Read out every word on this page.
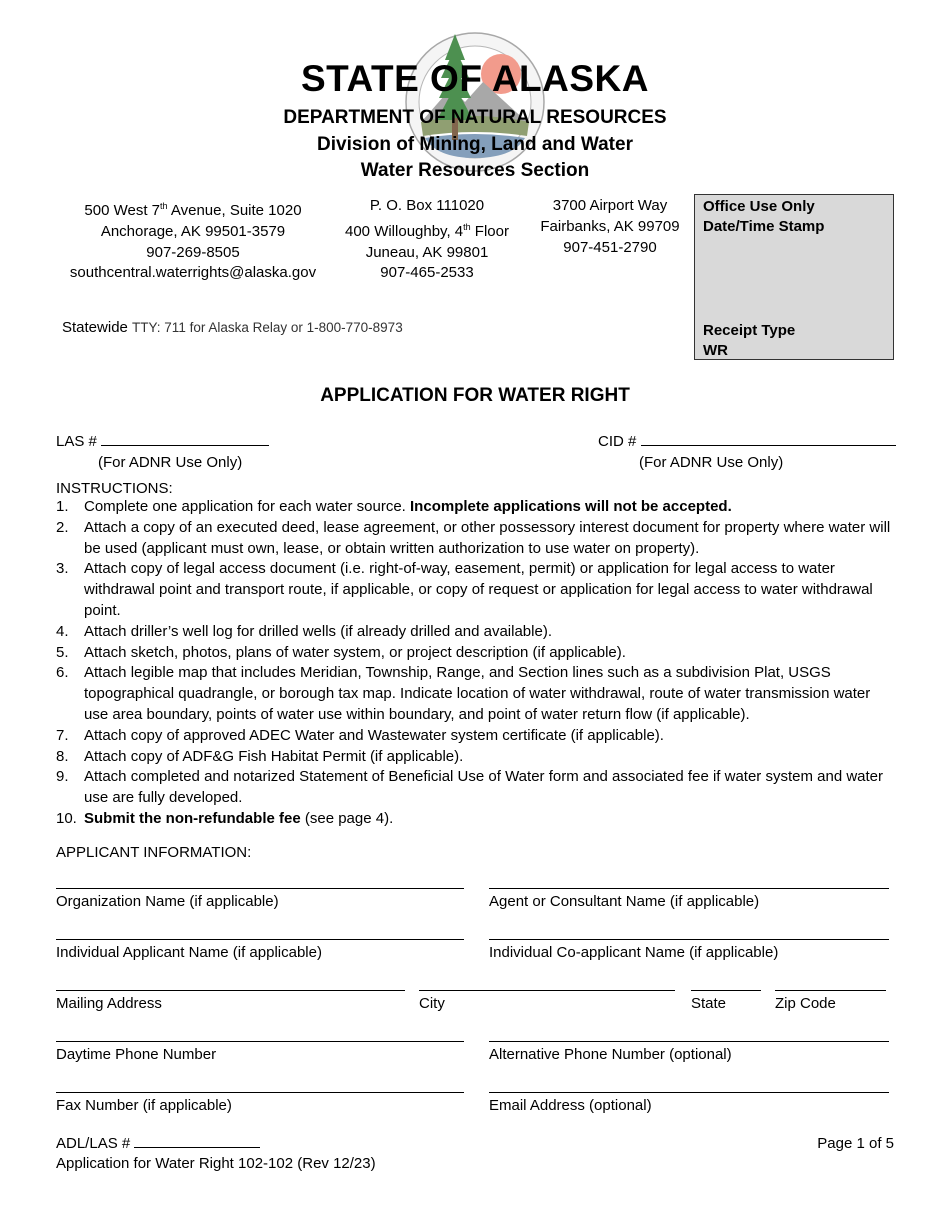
STATE OF ALASKA
DEPARTMENT OF NATURAL RESOURCES
Division of Mining, Land and Water
Water Resources Section
500 West 7th Avenue, Suite 1020
Anchorage, AK 99501-3579
907-269-8505
southcentral.waterrights@alaska.gov
P. O. Box 111020
400 Willoughby, 4th Floor
Juneau, AK 99801
907-465-2533
3700 Airport Way
Fairbanks, AK 99709
907-451-2790
Office Use Only
Date/Time Stamp
Receipt Type
WR
Statewide TTY: 711 for Alaska Relay or 1-800-770-8973
APPLICATION FOR WATER RIGHT
LAS #
(For ADNR Use Only)
CID #
(For ADNR Use Only)
INSTRUCTIONS:
1. Complete one application for each water source. Incomplete applications will not be accepted.
2. Attach a copy of an executed deed, lease agreement, or other possessory interest document for property where water will be used (applicant must own, lease, or obtain written authorization to use water on property).
3. Attach copy of legal access document (i.e. right-of-way, easement, permit) or application for legal access to water withdrawal point and transport route, if applicable, or copy of request or application for legal access to water withdrawal point.
4. Attach driller’s well log for drilled wells (if already drilled and available).
5. Attach sketch, photos, plans of water system, or project description (if applicable).
6. Attach legible map that includes Meridian, Township, Range, and Section lines such as a subdivision Plat, USGS topographical quadrangle, or borough tax map. Indicate location of water withdrawal, route of water transmission water use area boundary, points of water use within boundary, and point of water return flow (if applicable).
7. Attach copy of approved ADEC Water and Wastewater system certificate (if applicable).
8. Attach copy of ADF&G Fish Habitat Permit (if applicable).
9. Attach completed and notarized Statement of Beneficial Use of Water form and associated fee if water system and water use are fully developed.
10. Submit the non-refundable fee (see page 4).
APPLICANT INFORMATION:
Organization Name (if applicable)	Agent or Consultant Name (if applicable)
Individual Applicant Name (if applicable)	Individual Co-applicant Name (if applicable)
Mailing Address	City	State	Zip Code
Daytime Phone Number	Alternative Phone Number (optional)
Fax Number (if applicable)	Email Address (optional)
ADL/LAS #
Application for Water Right 102-102 (Rev 12/23)
Page 1 of 5
